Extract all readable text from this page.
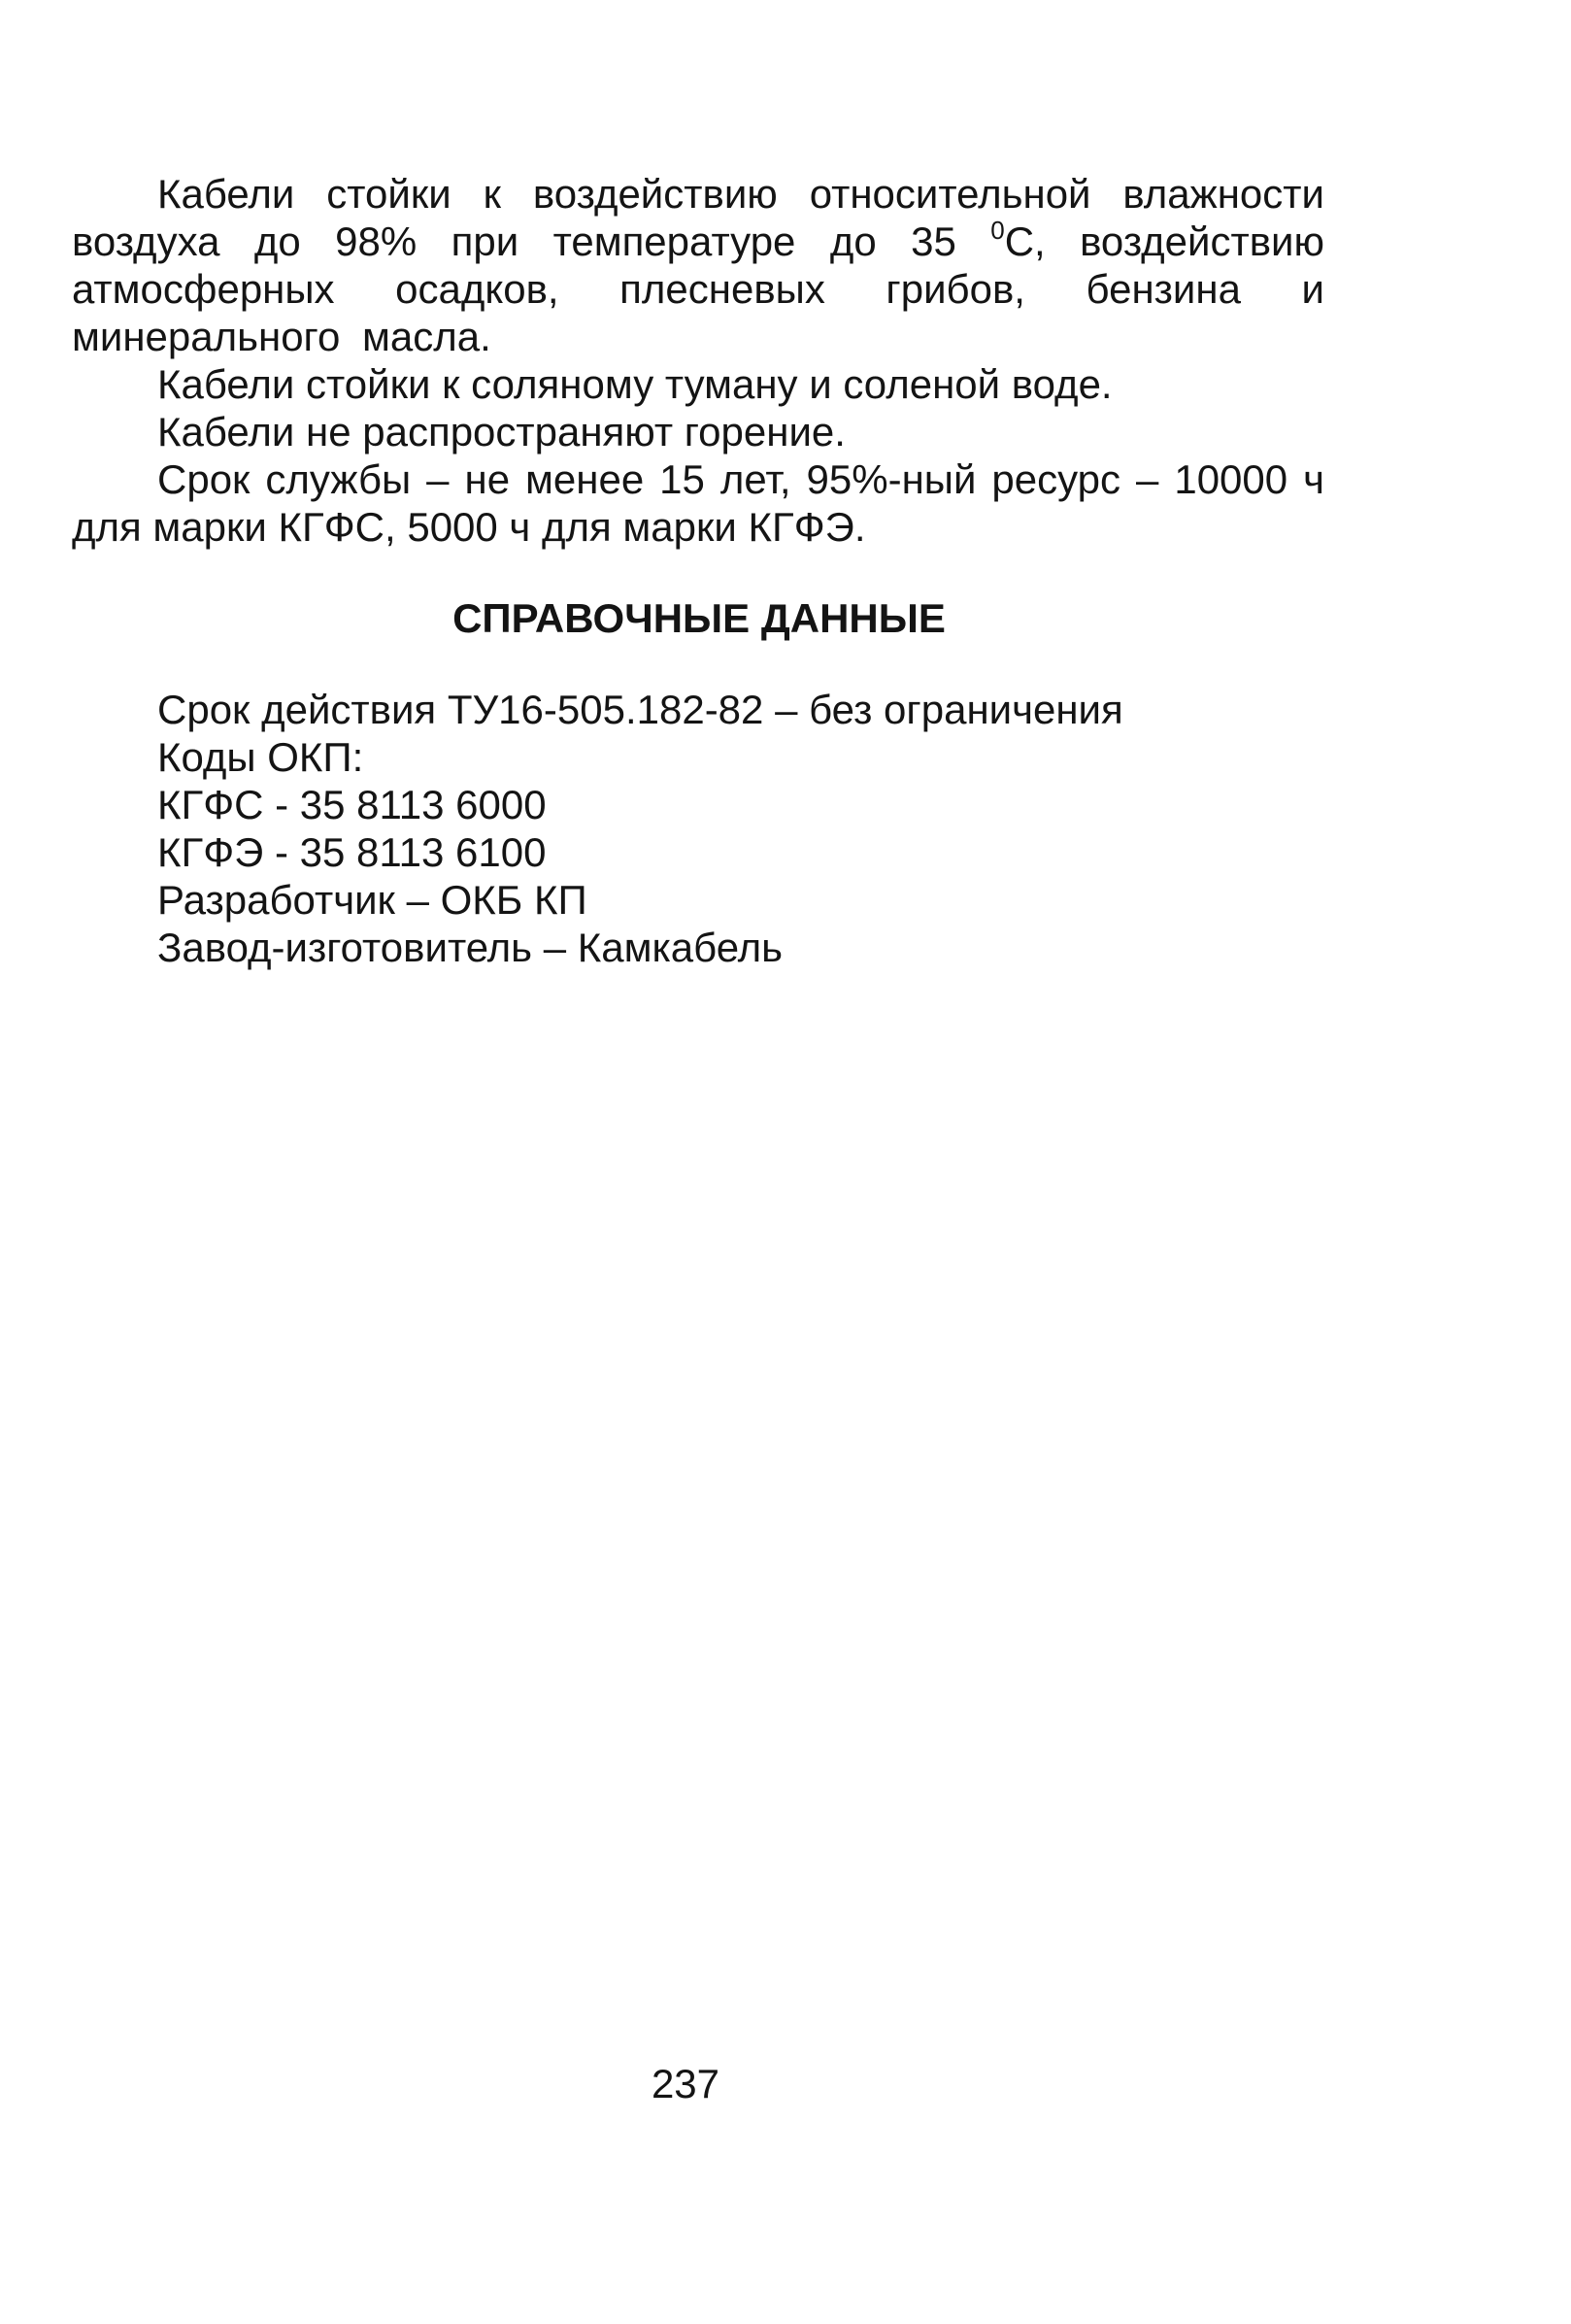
Кабели стойки к воздействию относительной влажности воздуха до 98% при температуре до 35 $^0$С, воздействию атмосферных осадков, плесневых грибов, бензина и минерального масла.

Кабели стойки к соляному туману и соленой воде.

Кабели не распространяют горение.

Срок службы – не менее 15 лет, 95%-ный ресурс – 10000 ч для марки КГФС, 5000 ч для марки КГФЭ.

СПРАВОЧНЫЕ ДАННЫЕ
Срок действия ТУ16-505.182-82 – без ограничения
Коды ОКП:
КГФС - 35 8113 6000
КГФЭ - 35 8113 6100
Разработчик – ОКБ КП
Завод-изготовитель – Камкабель
237
